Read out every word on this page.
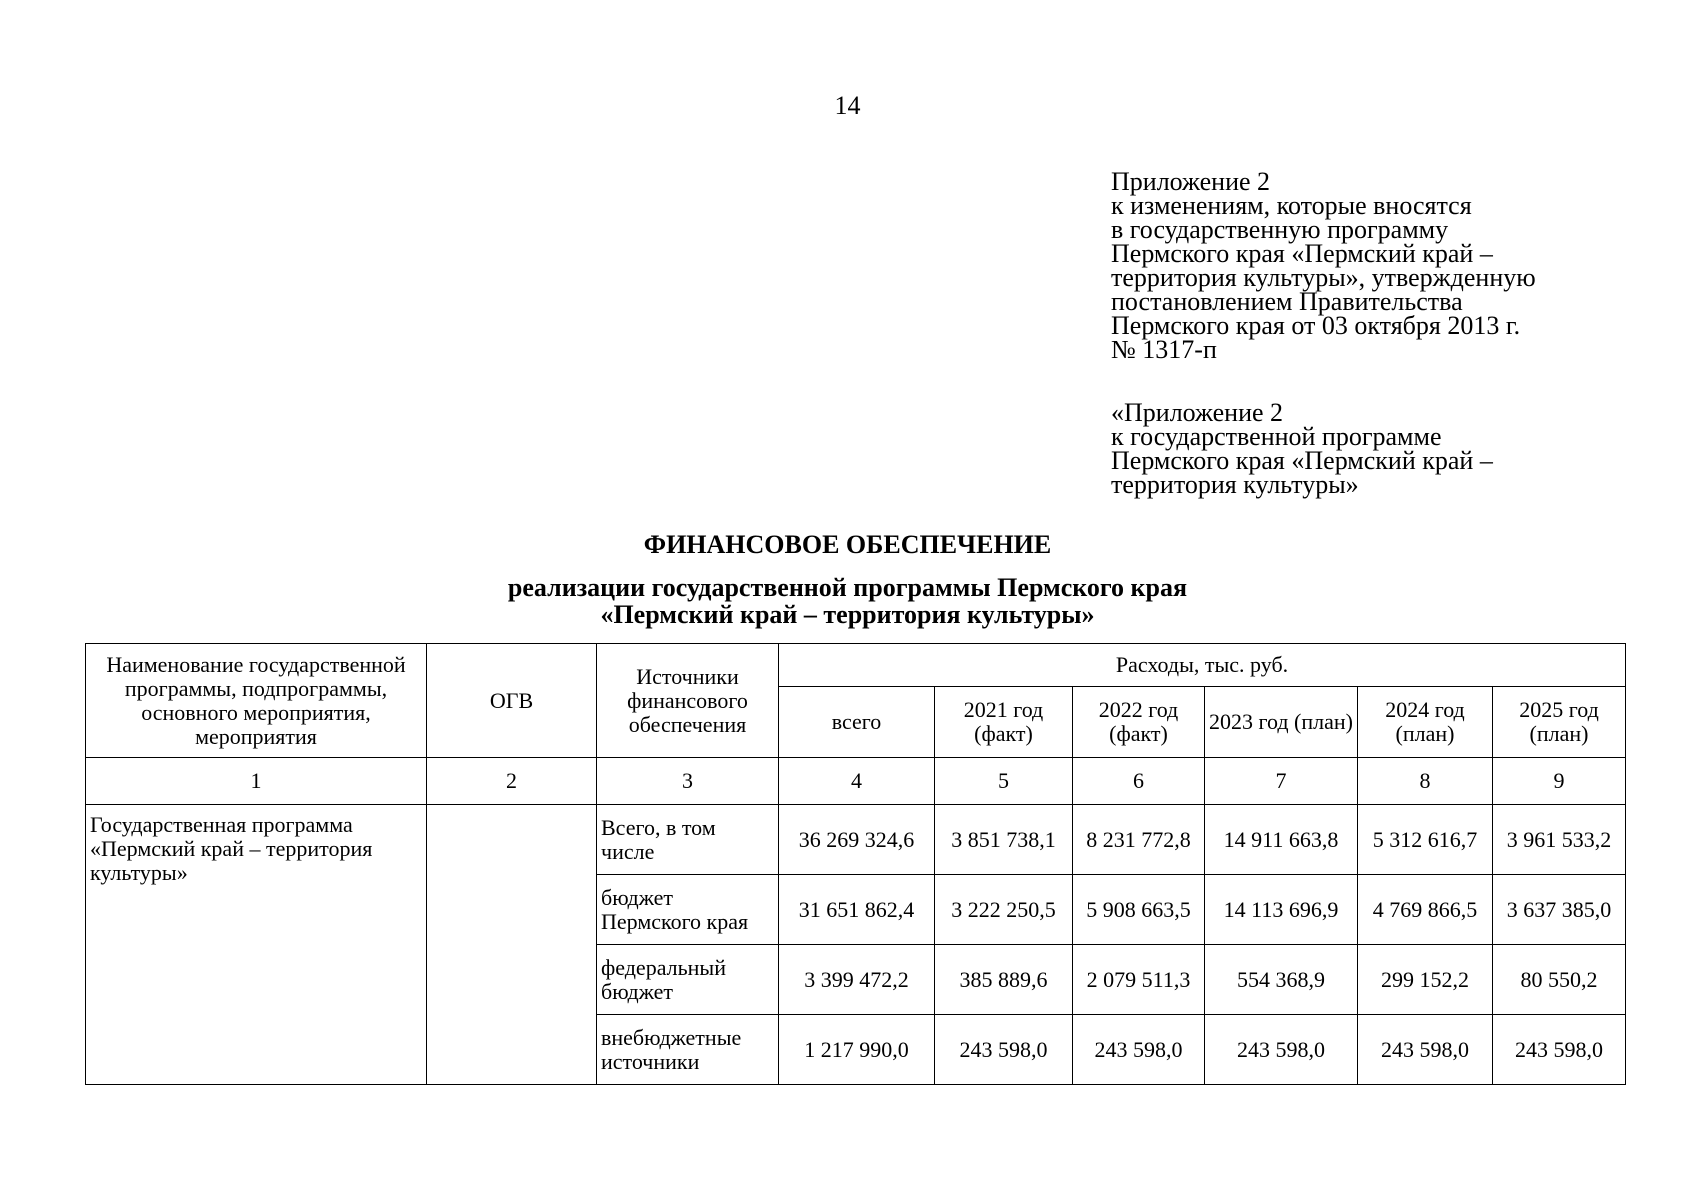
14
Приложение 2
к изменениям, которые вносятся
в государственную программу
Пермского края «Пермский край –
территория культуры», утвержденную
постановлением Правительства
Пермского края от 03 октября 2013 г.
№ 1317-п
«Приложение 2
к государственной программе
Пермского края «Пермский край –
территория культуры»
ФИНАНСОВОЕ ОБЕСПЕЧЕНИЕ
реализации государственной программы Пермского края
«Пермский край – территория культуры»
Наименование государственной программы, подпрограммы, основного мероприятия, мероприятия	ОГВ	Источники финансового обеспечения	Расходы, тыс. руб.					
			всего	2021 год (факт)	2022 год (факт)	2023 год (план)	2024 год (план)	2025 год (план)
1	2	3	4	5	6	7	8	9
Государственная программа «Пермский край – территория культуры»		Всего, в том числе	36 269 324,6	3 851 738,1	8 231 772,8	14 911 663,8	5 312 616,7	3 961 533,2
		бюджет Пермского края	31 651 862,4	3 222 250,5	5 908 663,5	14 113 696,9	4 769 866,5	3 637 385,0
		федеральный бюджет	3 399 472,2	385 889,6	2 079 511,3	554 368,9	299 152,2	80 550,2
		внебюджетные источники	1 217 990,0	243 598,0	243 598,0	243 598,0	243 598,0	243 598,0
